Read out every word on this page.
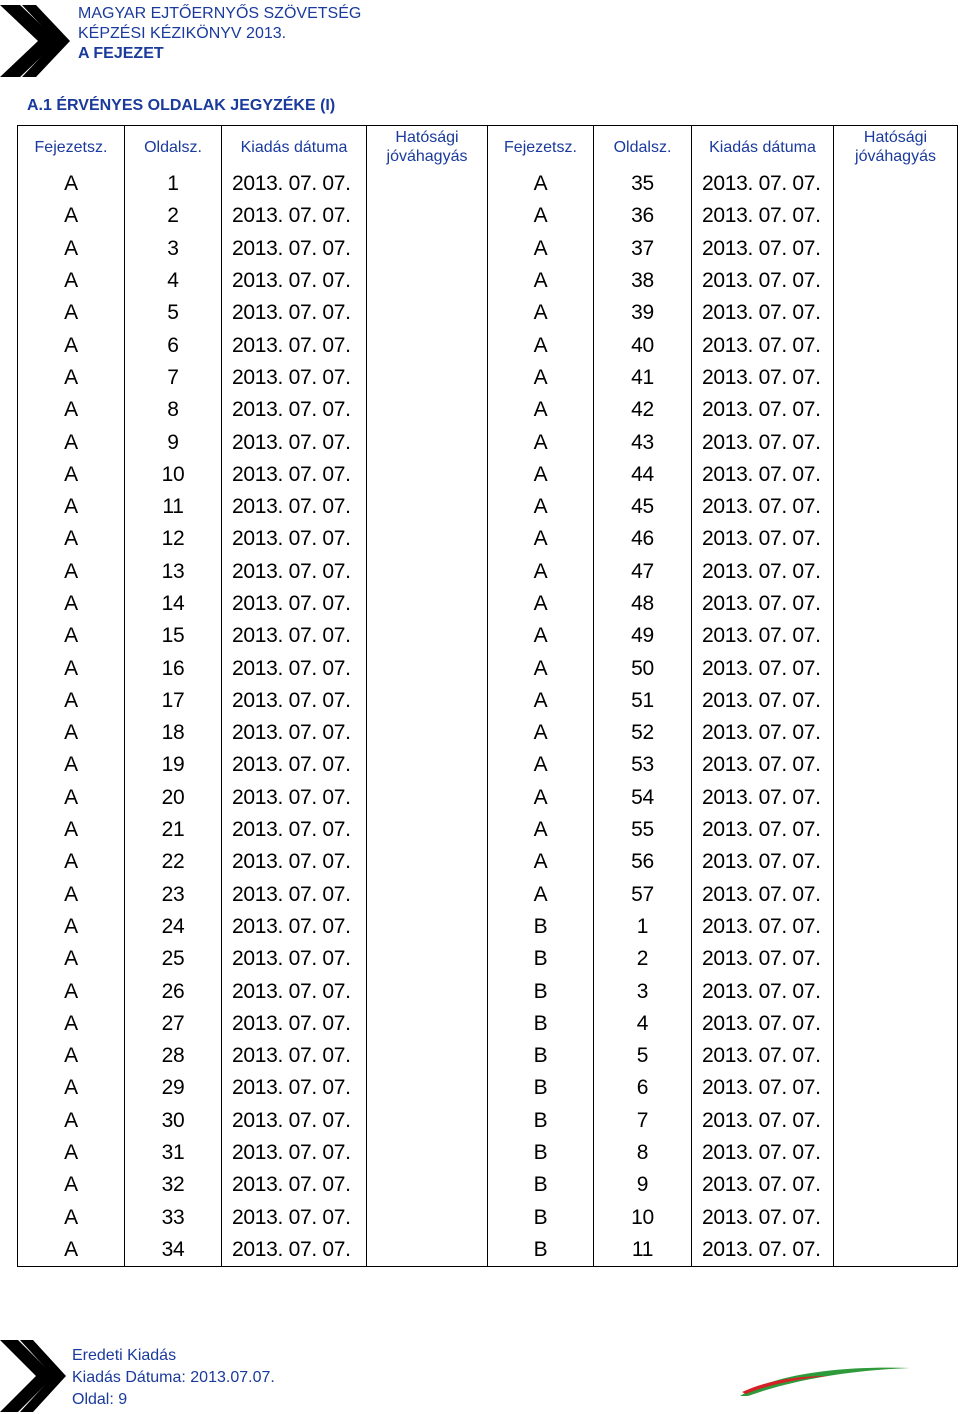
MAGYAR EJTŐERNYŐS SZÖVETSÉG
KÉPZÉSI KÉZIKÖNYV 2013.
A FEJEZET
A.1 ÉRVÉNYES OLDALAK JEGYZÉKE (I)
Fejezetsz.	Oldalsz.	Kiadás dátuma	Hatósági
jóváhagyás	Fejezetsz.	Oldalsz.	Kiadás dátuma	Hatósági
jóváhagyás
A	1	2013. 07. 07.		A	35	2013. 07. 07.	
A	2	2013. 07. 07.		A	36	2013. 07. 07.	
A	3	2013. 07. 07.		A	37	2013. 07. 07.	
A	4	2013. 07. 07.		A	38	2013. 07. 07.	
A	5	2013. 07. 07.		A	39	2013. 07. 07.	
A	6	2013. 07. 07.		A	40	2013. 07. 07.	
A	7	2013. 07. 07.		A	41	2013. 07. 07.	
A	8	2013. 07. 07.		A	42	2013. 07. 07.	
A	9	2013. 07. 07.		A	43	2013. 07. 07.	
A	10	2013. 07. 07.		A	44	2013. 07. 07.	
A	11	2013. 07. 07.		A	45	2013. 07. 07.	
A	12	2013. 07. 07.		A	46	2013. 07. 07.	
A	13	2013. 07. 07.		A	47	2013. 07. 07.	
A	14	2013. 07. 07.		A	48	2013. 07. 07.	
A	15	2013. 07. 07.		A	49	2013. 07. 07.	
A	16	2013. 07. 07.		A	50	2013. 07. 07.	
A	17	2013. 07. 07.		A	51	2013. 07. 07.	
A	18	2013. 07. 07.		A	52	2013. 07. 07.	
A	19	2013. 07. 07.		A	53	2013. 07. 07.	
A	20	2013. 07. 07.		A	54	2013. 07. 07.	
A	21	2013. 07. 07.		A	55	2013. 07. 07.	
A	22	2013. 07. 07.		A	56	2013. 07. 07.	
A	23	2013. 07. 07.		A	57	2013. 07. 07.	
A	24	2013. 07. 07.		B	1	2013. 07. 07.	
A	25	2013. 07. 07.		B	2	2013. 07. 07.	
A	26	2013. 07. 07.		B	3	2013. 07. 07.	
A	27	2013. 07. 07.		B	4	2013. 07. 07.	
A	28	2013. 07. 07.		B	5	2013. 07. 07.	
A	29	2013. 07. 07.		B	6	2013. 07. 07.	
A	30	2013. 07. 07.		B	7	2013. 07. 07.	
A	31	2013. 07. 07.		B	8	2013. 07. 07.	
A	32	2013. 07. 07.		B	9	2013. 07. 07.	
A	33	2013. 07. 07.		B	10	2013. 07. 07.	
A	34	2013. 07. 07.		B	11	2013. 07. 07.	
Eredeti Kiadás
Kiadás Dátuma: 2013.07.07.
Oldal: 9
